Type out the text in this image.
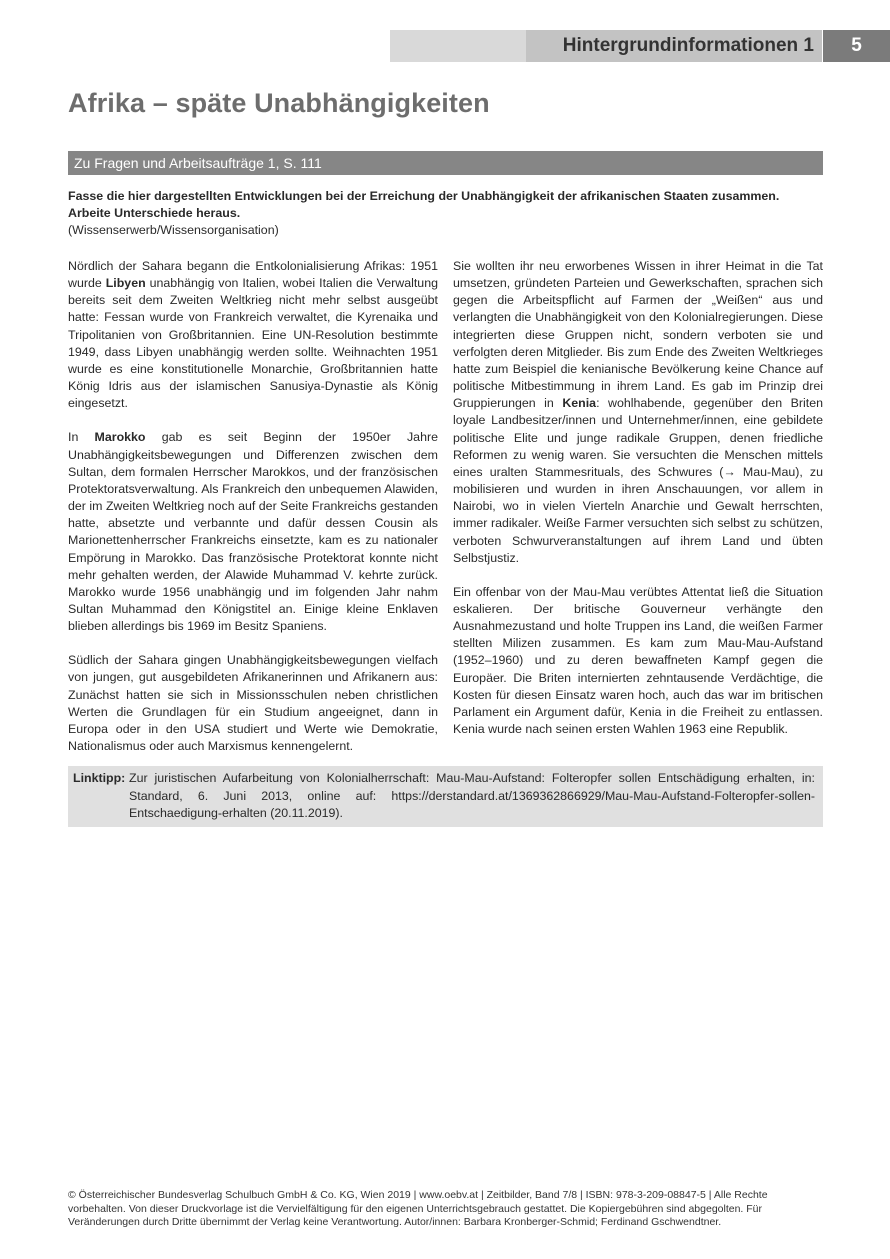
Hintergrundinformationen 1 5
Afrika – späte Unabhängigkeiten
Zu Fragen und Arbeitsaufträge 1, S. 111
Fasse die hier dargestellten Entwicklungen bei der Erreichung der Unabhängigkeit der afrikanischen Staaten zusammen. Arbeite Unterschiede heraus.
(Wissenserwerb/Wissensorganisation)

Nördlich der Sahara begann die Entkolonialisierung Afrikas: 1951 wurde Libyen unabhängig von Italien, wobei Italien die Verwaltung bereits seit dem Zweiten Weltkrieg nicht mehr selbst ausgeübt hatte: Fessan wurde von Frankreich verwaltet, die Kyrenaika und Tripolitanien von Großbritannien. Eine UN-Resolution bestimmte 1949, dass Libyen unabhängig werden sollte. Weihnachten 1951 wurde es eine konstitutionelle Monarchie, Großbritannien hatte König Idris aus der islamischen Sanusiya-Dynastie als König eingesetzt.

In Marokko gab es seit Beginn der 1950er Jahre Unabhängigkeitsbewegungen und Differenzen zwischen dem Sultan, dem formalen Herrscher Marokkos, und der französischen Protektoratsverwaltung. Als Frankreich den unbequemen Alawiden, der im Zweiten Weltkrieg noch auf der Seite Frankreichs gestanden hatte, absetzte und verbannte und dafür dessen Cousin als Marionettenherrscher Frankreichs einsetzte, kam es zu nationaler Empörung in Marokko. Das französische Protektorat konnte nicht mehr gehalten werden, der Alawide Muhammad V. kehrte zurück. Marokko wurde 1956 unabhängig und im folgenden Jahr nahm Sultan Muhammad den Königstitel an. Einige kleine Enklaven blieben allerdings bis 1969 im Besitz Spaniens.

Südlich der Sahara gingen Unabhängigkeitsbewegungen vielfach von jungen, gut ausgebildeten Afrikanerinnen und Afrikanern aus: Zunächst hatten sie sich in Missionsschulen neben christlichen Werten die Grundlagen für ein Studium angeeignet, dann in Europa oder in den USA studiert und Werte wie Demokratie, Nationalismus oder auch Marxismus kennengelernt.

Sie wollten ihr neu erworbenes Wissen in ihrer Heimat in die Tat umsetzen, gründeten Parteien und Gewerkschaften, sprachen sich gegen die Arbeitspflicht auf Farmen der „Weißen“ aus und verlangten die Unabhängigkeit von den Kolonialregierungen. Diese integrierten diese Gruppen nicht, sondern verboten sie und verfolgten deren Mitglieder. Bis zum Ende des Zweiten Weltkrieges hatte zum Beispiel die kenianische Bevölkerung keine Chance auf politische Mitbestimmung in ihrem Land. Es gab im Prinzip drei Gruppierungen in Kenia: wohlhabende, gegenüber den Briten loyale Landbesitzer/innen und Unternehmer/innen, eine gebildete politische Elite und junge radikale Gruppen, denen friedliche Reformen zu wenig waren. Sie versuchten die Menschen mittels eines uralten Stammesrituals, des Schwures (→ Mau-Mau), zu mobilisieren und wurden in ihren Anschauungen, vor allem in Nairobi, wo in vielen Vierteln Anarchie und Gewalt herrschten, immer radikaler. Weiße Farmer versuchten sich selbst zu schützen, verboten Schwurveranstaltungen auf ihrem Land und übten Selbstjustiz.

Ein offenbar von der Mau-Mau verübtes Attentat ließ die Situation eskalieren. Der britische Gouverneur verhängte den Ausnahmezustand und holte Truppen ins Land, die weißen Farmer stellten Milizen zusammen. Es kam zum Mau-Mau-Aufstand (1952–1960) und zu deren bewaffneten Kampf gegen die Europäer. Die Briten internierten zehntausende Verdächtige, die Kosten für diesen Einsatz waren hoch, auch das war im britischen Parlament ein Argument dafür, Kenia in die Freiheit zu entlassen. Kenia wurde nach seinen ersten Wahlen 1963 eine Republik.

Linktipp: Zur juristischen Aufarbeitung von Kolonialherrschaft: Mau-Mau-Aufstand: Folteropfer sollen Entschädigung erhalten, in: Standard, 6. Juni 2013, online auf: https://derstandard.at/1369362866929/Mau-Mau-Aufstand-Folteropfer-sollen-Entschaedigung-erhalten (20.11.2019).

© Österreichischer Bundesverlag Schulbuch GmbH & Co. KG, Wien 2019 | www.oebv.at | Zeitbilder, Band 7/8 | ISBN: 978-3-209-08847-5 | Alle Rechte vorbehalten. Von dieser Druckvorlage ist die Vervielfältigung für den eigenen Unterrichtsgebrauch gestattet. Die Kopiergebühren sind abgegolten. Für Veränderungen durch Dritte übernimmt der Verlag keine Verantwortung. Autor/innen: Barbara Kronberger-Schmid; Ferdinand Gschwendtner.
